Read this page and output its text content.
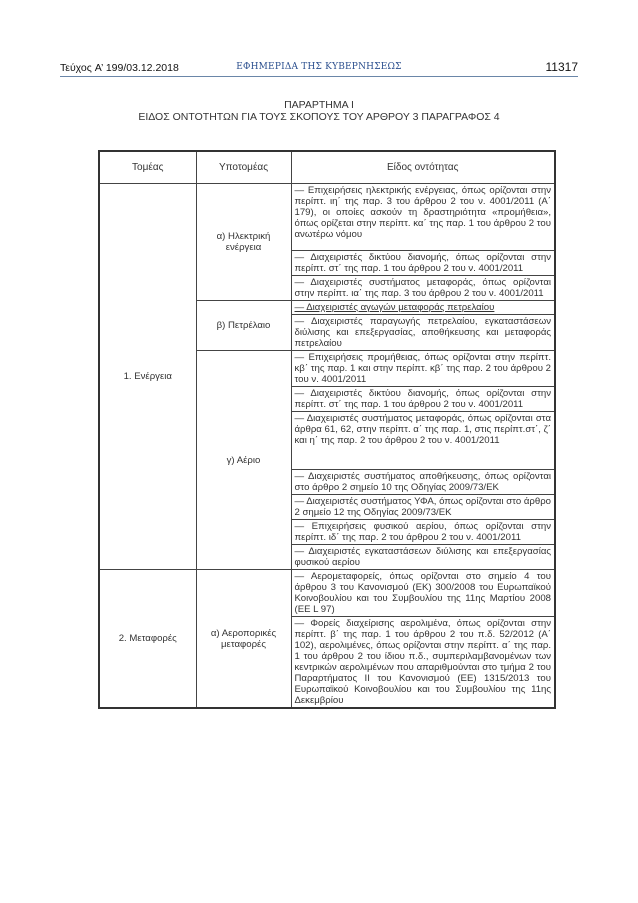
Τεύχος A’ 199/03.12.2018	ΕΦΗΜΕΡΙΔΑ ΤΗΣ ΚΥΒΕΡΝΗΣΕΩΣ	11317
ΠΑΡΑΡΤΗΜΑ Ι
ΕΙΔΟΣ ΟΝΤΟΤΗΤΩΝ ΓΙΑ ΤΟΥΣ ΣΚΟΠΟΥΣ ΤΟΥ ΑΡΘΡΟΥ 3 ΠΑΡΑΓΡΑΦΟΣ 4
Τομέας	Υποτομέας	Είδος οντότητας
1. Ενέργεια	α) Ηλεκτρική ενέργεια	— Επιχειρήσεις ηλεκτρικής ενέργειας, όπως ορίζονται στην περίπτ. ιη΄ της παρ. 3 του άρθρου 2 του ν. 4001/2011 (Α΄ 179), οι οποίες ασκούν τη δραστηριότητα «προμήθεια», όπως ορίζεται στην περίπτ. κα΄ της παρ. 1 του άρθρου 2 του ανωτέρω νόμου
		— Διαχειριστές δικτύου διανομής, όπως ορίζονται στην περίπτ. στ΄ της παρ. 1 του άρθρου 2 του ν. 4001/2011
		— Διαχειριστές συστήματος μεταφοράς, όπως ορίζονται στην περίπτ. ια΄ της παρ. 3 του άρθρου 2 του ν. 4001/2011
	β) Πετρέλαιο	— Διαχειριστές αγωγών μεταφοράς πετρελαίου
		— Διαχειριστές παραγωγής πετρελαίου, εγκαταστάσεων διύλισης και επεξεργασίας, αποθήκευσης και μεταφοράς πετρελαίου
	γ) Αέριο	— Επιχειρήσεις προμήθειας, όπως ορίζονται στην περίπτ. κβ΄ της παρ. 1 και στην περίπτ. κβ΄ της παρ. 2 του άρθρου 2 του ν. 4001/2011
		— Διαχειριστές δικτύου διανομής, όπως ορίζονται στην περίπτ. στ΄ της παρ. 1 του άρθρου 2 του ν. 4001/2011
		— Διαχειριστές συστήματος μεταφοράς, όπως ορίζονται στα άρθρα 61, 62, στην περίπτ. α΄ της παρ. 1, στις περίπτ.στ΄, ζ΄ και η΄ της παρ. 2 του άρθρου 2 του ν. 4001/2011
		— Διαχειριστές συστήματος αποθήκευσης, όπως ορίζονται στο άρθρο 2 σημείο 10 της Οδηγίας 2009/73/ΕΚ
		— Διαχειριστές συστήματος ΥΦΑ, όπως ορίζονται στο άρθρο 2 σημείο 12 της Οδηγίας 2009/73/ΕΚ
		— Επιχειρήσεις φυσικού αερίου, όπως ορίζονται στην περίπτ. ιδ΄ της παρ. 2 του άρθρου 2 του ν. 4001/2011
		— Διαχειριστές εγκαταστάσεων διύλισης και επεξεργασίας φυσικού αερίου
2. Μεταφορές	α) Αεροπορικές μεταφορές	— Αερομεταφορείς, όπως ορίζονται στο σημείο 4 του άρθρου 3 του Κανονισμού (ΕΚ) 300/2008 του Ευρωπαϊκού Κοινοβουλίου και του Συμβουλίου της 11ης Μαρτίου 2008 (ΕΕ L 97)
		— Φορείς διαχείρισης αερολιμένα, όπως ορίζονται στην περίπτ. β΄ της παρ. 1 του άρθρου 2 του π.δ. 52/2012 (Α΄ 102), αερολιμένες, όπως ορίζονται στην περίπτ. α΄ της παρ. 1 του άρθρου 2 του ίδιου π.δ., συμπεριλαμβανομένων των κεντρικών αερολιμένων που απαριθμούνται στο τμήμα 2 του Παραρτήματος ΙΙ του Κανονισμού (ΕΕ) 1315/2013 του Ευρωπαϊκού Κοινοβουλίου και του Συμβουλίου της 11ης Δεκεμβρίου
